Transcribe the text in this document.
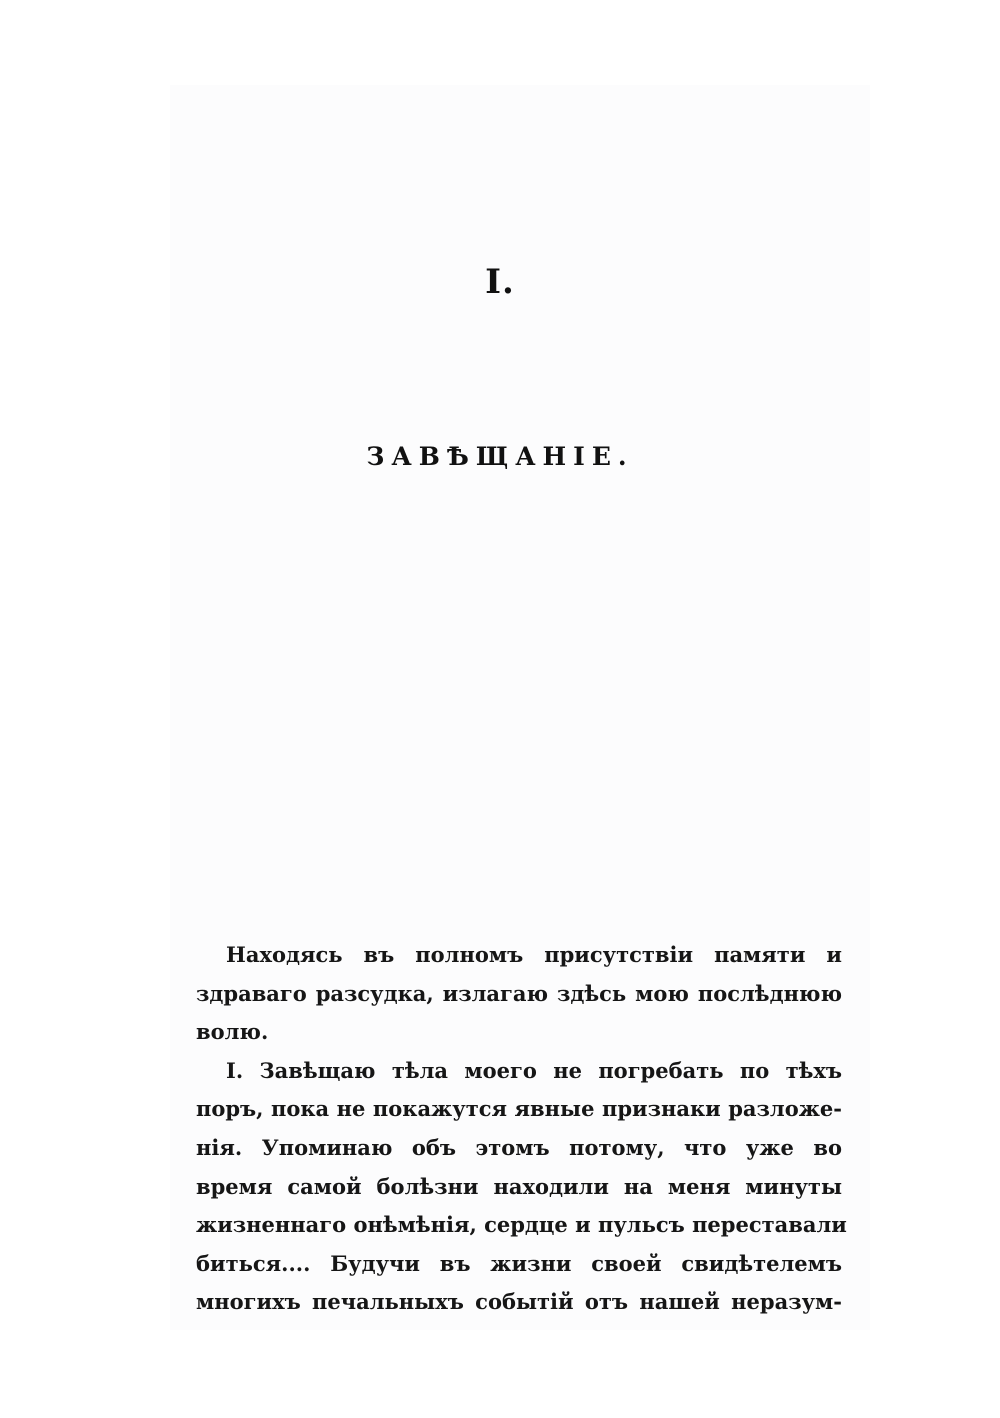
I.
ЗАВѢЩАНІЕ.
Находясь въ полномъ присутствіи памяти и
здраваго разсудка, излагаю здѣсь мою послѣднюю
волю.
I. Завѣщаю тѣла моего не погребать по тѣхъ
поръ, пока не покажутся явные признаки разложе-
нія. Упоминаю объ этомъ потому, что уже во
время самой болѣзни находили на меня минуты
жизненнаго онѣмѣнія, сердце и пульсъ переставали
биться.... Будучи въ жизни своей свидѣтелемъ
многихъ печальныхъ событій отъ нашей неразум-
